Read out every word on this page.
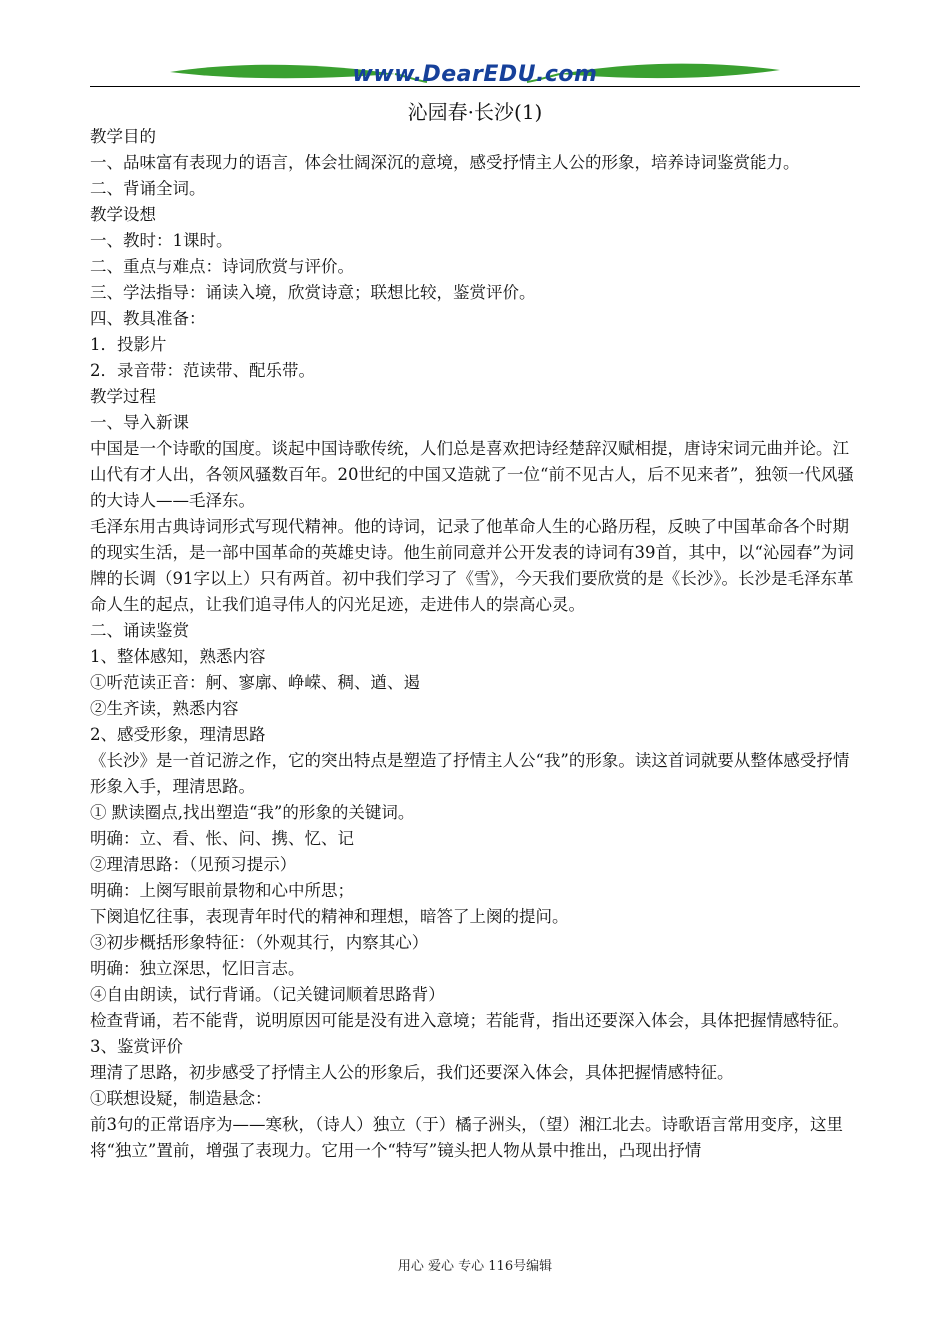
www.DearEDU.com
沁园春·长沙(1)

教学目的

一、品味富有表现力的语言，体会壮阔深沉的意境，感受抒情主人公的形象，培养诗词鉴赏能力。

二、背诵全词。

教学设想

一、教时：1课时。

二、重点与难点：诗词欣赏与评价。

三、学法指导：诵读入境，欣赏诗意；联想比较，鉴赏评价。

四、教具准备：

1．投影片

2．录音带：范读带、配乐带。

教学过程

一、导入新课

中国是一个诗歌的国度。谈起中国诗歌传统，人们总是喜欢把诗经楚辞汉赋相提，唐诗宋词元曲并论。江山代有才人出，各领风骚数百年。20世纪的中国又造就了一位“前不见古人，后不见来者”，独领一代风骚的大诗人——毛泽东。

毛泽东用古典诗词形式写现代精神。他的诗词，记录了他革命人生的心路历程，反映了中国革命各个时期的现实生活，是一部中国革命的英雄史诗。他生前同意并公开发表的诗词有39首，其中，以“沁园春”为词牌的长调（91字以上）只有两首。初中我们学习了《雪》，今天我们要欣赏的是《长沙》。长沙是毛泽东革命人生的起点，让我们追寻伟人的闪光足迹，走进伟人的崇高心灵。

二、诵读鉴赏

1、整体感知，熟悉内容

①听范读正音：舸、寥廓、峥嵘、稠、遒、遏

②生齐读，熟悉内容

2、感受形象，理清思路

《长沙》是一首记游之作，它的突出特点是塑造了抒情主人公“我”的形象。读这首词就要从整体感受抒情形象入手，理清思路。

① 默读圈点,找出塑造“我”的形象的关键词。

明确：立、看、怅、问、携、忆、记

②理清思路：（见预习提示）

明确：上阕写眼前景物和心中所思；

下阕追忆往事，表现青年时代的精神和理想，暗答了上阕的提问。

③初步概括形象特征：（外观其行，内察其心）

明确：独立深思，忆旧言志。

④自由朗读，试行背诵。（记关键词顺着思路背）

检查背诵，若不能背，说明原因可能是没有进入意境；若能背，指出还要深入体会，具体把握情感特征。

3、鉴赏评价

理清了思路，初步感受了抒情主人公的形象后，我们还要深入体会，具体把握情感特征。

①联想设疑，制造悬念：

前3句的正常语序为——寒秋，（诗人）独立（于）橘子洲头，（望）湘江北去。诗歌语言常用变序，这里将“独立”置前，增强了表现力。它用一个“特写”镜头把人物从景中推出，凸现出抒情

用心 爱心 专心 116号编辑
